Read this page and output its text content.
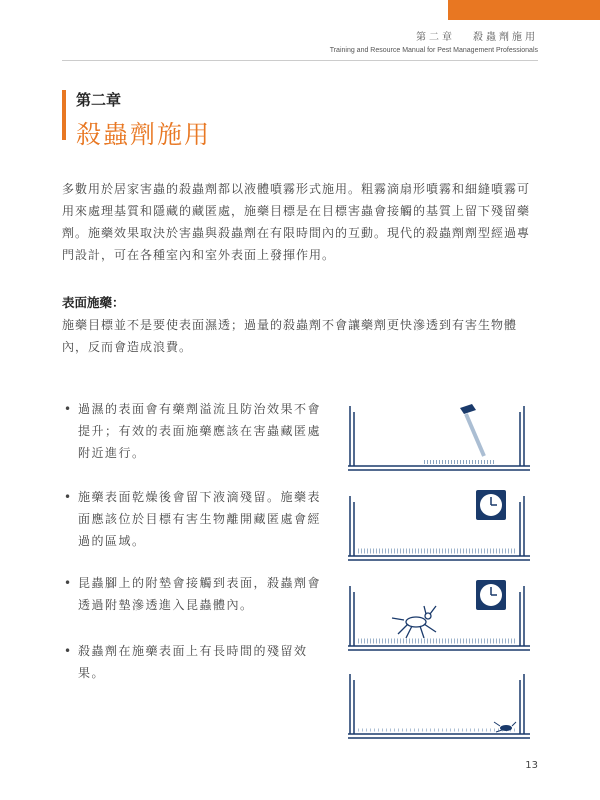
第二章 殺蟲劑施用
Training and Resource Manual for Pest Management Professionals
第二章
殺蟲劑施用
多數用於居家害蟲的殺蟲劑都以液體噴霧形式施用。粗霧滴扇形噴霧和細縫噴霧可用來處理基質和隱藏的藏匿處，施藥目標是在目標害蟲會接觸的基質上留下殘留藥劑。施藥效果取決於害蟲與殺蟲劑在有限時間內的互動。現代的殺蟲劑劑型經過專門設計，可在各種室內和室外表面上發揮作用。
表面施藥：
施藥目標並不是要使表面濕透；過量的殺蟲劑不會讓藥劑更快滲透到有害生物體內，反而會造成浪費。
• 過濕的表面會有藥劑溢流且防治效果不會提升；有效的表面施藥應該在害蟲藏匿處附近進行。
• 施藥表面乾燥後會留下液滴殘留。施藥表面應該位於目標有害生物離開藏匿處會經過的區域。
• 昆蟲腳上的附墊會接觸到表面，殺蟲劑會透過附墊滲透進入昆蟲體內。
• 殺蟲劑在施藥表面上有長時間的殘留效果。
13
